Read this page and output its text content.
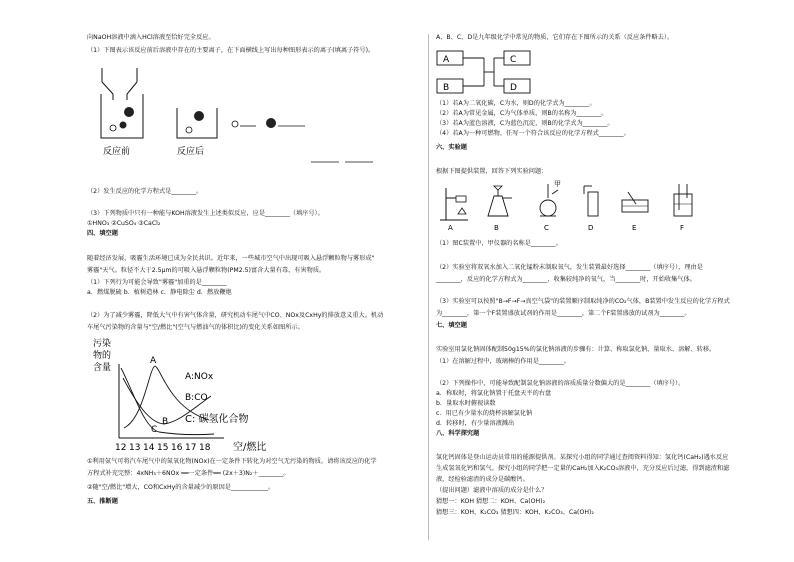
向NaOH溶液中滴入HCl溶液至恰好完全反应。
（1）下图表示该反应前后溶液中存在的主要离子，在下面横线上写出每种图形表示的离子(填离子符号)。
反应前	反应后
（2）发生反应的化学方程式是________。
（3）下列物质中只有一种能与KOH溶液发生上述类似反应，应是________（填序号）。
①HNO₃ ②CuSO₄ ③CaCl₂
四、填空题
随着经济发展，吸霾生活环境已成为全民共识。近年来，一些城市空气中出现可吸入悬浮颗粒物与雾形成"
雾霾"天气。粒径不大于2.5μm的可吸入悬浮颗粒物(PM2.5)富含大量有毒、有害物质。
（1）下列行为可能会导致"雾霾"加重的是________
a．燃煤脱硫 b．植树造林 c．静电除尘 d．燃放鞭炮
（2）为了减少雾霾，降低大气中有害气体含量，研究机动车尾气中CO、NOx及CxHy的排放意义重大。机动
车尾气污染物的含量与"空/燃比"(空气与燃油气的体积比)的变化关系如图所示。
污染
物的
含量
A
B
C
A:NOx
B:CO
C: 碳氢化合物
12 13 14 15 16 17 18 空/燃比
①利用氨气可将汽车尾气中的氮氧化物(NOx)在一定条件下转化为对空气无污染的物质。请将该反应的化学
方程式补充完整：4xNH₃＋6NOx ══一定条件══ (2x＋3)N₂＋________。
②随"空/燃比"增大，CO和CxHy的含量减少的原因是____________。
五、推断题
A、B、C、D是九年级化学中常见的物质，它们存在下图所示的关系（反应条件略去）。
A
B
C
D
（1）若A为二氧化碳，C为水，则D的化学式为________。
（2）若A为常见金属，C为气体单质，则B的名称为________。
（3）若A为蓝色溶液，C为蓝色沉淀，则B的化学式为________。
（4）若A为一种可燃物，任写一个符合该反应的化学方程式________。
六、实验题
根据下图提供装置，回答下列实验问题：
A	B
甲
C	D	E	F
（1）图C装置中，甲仪器的名称是________。
（2）实验室将双氧水加入二氧化锰粉末制取氧气，发生装置最好选择________（填序号），理由是
________，反应的化学方程式为________，收集较纯净的氧气，当________时，开始收集气体。
（3）实验室可以按照"B→F→F→真空气袋"的装置顺序制取纯净的CO₂气体，B装置中发生反应的化学方程式
为________，第一个F装置盛放试剂的作用是________，第二个F装置盛放的试剂为________。
七、填空题
实验室用氯化钠固体配制50g15%的氯化钠溶液的步骤有：计算、称取氯化钠、量取水、溶解、转移。
（1）在溶解过程中，玻璃棒的作用是________。
（2）下列操作中，可能导致配制氯化钠溶液的溶质质量分数偏大的是________（填序号）。
a．称取时，将氯化钠置于托盘天平的右盘
b．量取水时俯视读数
c．用已有少量水的烧杯溶解氯化钠
d．转移时，有少量溶液溅出
八、科学探究题
氢化钙固体是登山运动员常用的能源提供剂。某探究小组的同学通过查阅资料得知：氢化钙(CaH₂)遇水反应
生成氢氧化钙和氢气。探究小组的同学把一定量的CaH₂加入K₂CO₃溶液中，充分反应后过滤，得到滤渣和滤
液，经检验滤渣的成分是碳酸钙。
（提出问题）滤液中溶质的成分是什么？
猜想一：KOH 猜想二：KOH、Ca(OH)₂
猜想三：KOH、K₂CO₃ 猜想四：KOH、K₂CO₃、Ca(OH)₂
